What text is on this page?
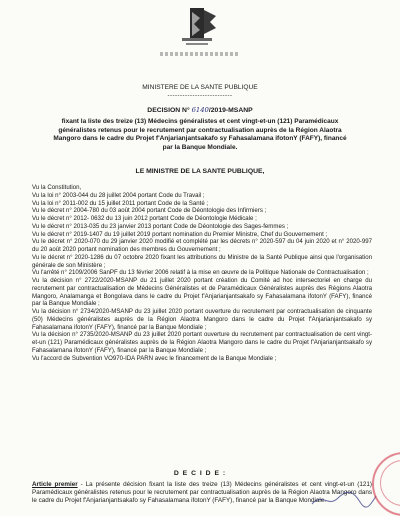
MINISTERE DE LA SANTE PUBLIQUE
--------------------------
DECISION N° 6140/2019-MSANP
fixant la liste des treize (13) Médecins généralistes et cent vingt-et-un (121) Paramédicaux généralistes retenus pour le recrutement par contractualisation auprès de la Région Alaotra Mangoro dans le cadre du Projet f'Anjarianjantsakafo sy Fahasalamana ifotonY (FAFY), financé par la Banque Mondiale.
LE MINISTRE DE LA SANTE PUBLIQUE,

Vu la Constitution,

Vu la loi n° 2003-044 du 28 juillet 2004 portant Code du Travail ;

Vu la loi n° 2011-002 du 15 juillet 2011 portant Code de la Santé ;

Vu le décret n° 2004-780 du 03 août 2004 portant Code de Déontologie des Infirmiers ;

Vu le décret n° 2012- 0632 du 13 juin 2012 portant Code de Déontologie Médicale ;

Vu le décret n° 2013-035 du 23 janvier 2013 portant Code de Déontologie des Sages-femmes ;

Vu le décret n° 2019-1407 du 19 juillet 2019 portant nomination du Premier Ministre, Chef du Gouvernement ;

Vu le décret n° 2020-070 du 29 janvier 2020 modifié et complété par les décrets n° 2020-597 du 04 juin 2020 et n° 2020-997 du 20 août 2020 portant nomination des membres du Gouvernement ;

Vu le décret n° 2020-1286 du 07 octobre 2020 fixant les attributions du Ministre de la Santé Publique ainsi que l'organisation générale de son Ministère ;

Vu l'arrêté n° 2109/2006 SanPF du 13 février 2006 relatif à la mise en œuvre de la Politique Nationale de Contractualisation ;

Vu la décision n° 2722/2020-MSANP du 21 juillet 2020 portant création du Comité ad hoc intersectoriel en charge du recrutement par contractualisation de Médecins Généralistes et de Paramédicaux Généralistes auprès des Régions Alaotra Mangoro, Analamanga et Bongolava dans le cadre du Projet f'Anjarianjantsakafo sy Fahasalamana ifotonY (FAFY), financé par la Banque Mondiale ;

Vu la décision n° 2734/2020-MSANP du 23 juillet 2020 portant ouverture du recrutement par contractualisation de cinquante (50) Médecins généralistes auprès de la Région Alaotra Mangoro dans le cadre du Projet f'Anjarianjantsakafo sy Fahasalamana ifotonY (FAFY), financé par la Banque Mondiale ;

Vu la décision n° 2735/2020-MSANP du 23 juillet 2020 portant ouverture du recrutement par contractualisation de cent vingt-et-un (121) Paramédicaux généralistes auprès de la Région Alaotra Mangoro dans le cadre du Projet f'Anjarianjantsakafo sy Fahasalamana ifotonY (FAFY), financé par la Banque Mondiale ;

Vu l'accord de Subvention VO970-IDA PARN avec le financement de la Banque Mondiale ;

D E C I D E :
Article premier - La présente décision fixant la liste des treize (13) Médecins généralistes et cent vingt-et-un (121) Paramédicaux généralistes retenus pour le recrutement par contractualisation auprès de la Région Alaotra Mangoro dans le cadre du Projet f'Anjarianjantsakafo sy Fahasalamana ifotonY (FAFY), financé par la Banque Mondiale.
